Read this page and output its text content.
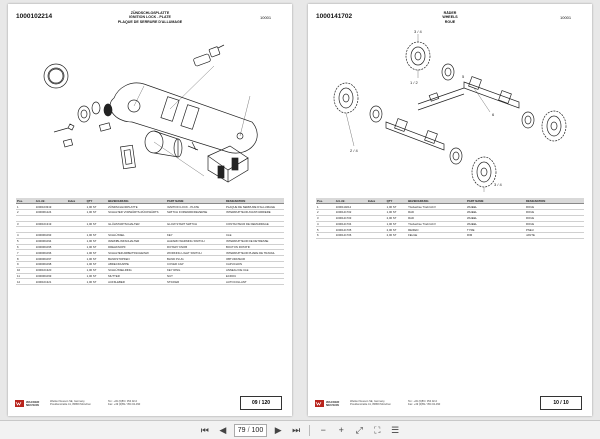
1000102214	ZÜNDSCHLOßPLATTE
IGNITION LOCK - PLATE
PLAQUE DE SERRURE D'ALLUMAGE
10001
Pos.	Art.-Nr.	Index	QTY	BEZEICHNUNG	PART NAME	DESIGNATION
1	1000103319		1,00 ST	ZÜNDSCHLOßPLATTE	IGNITION LOCK - PLATE	PLAQUE DE SERRURE D'ALLUMAGE
2	1000061224		1,00 ST	SCHALTER VORWÄRTS-RÜCKWÄRTS	SWITCH FORWARD/REVERSE	INTERRUPTEUR AVANT/ARRIERE

3	1000101319		1,00 ST	GLÜHSTARTSCHALTER	GLOW START SWITCH	CONTACTEUR DE DEMARRAGE

4	1000061093		1,00 ST	SCHLÜSSEL	KEY	CLE
5	1000061094		1,00 ST	WARNBLINKSCHALTER	HAZARD WARNING SWITCH	INTERRUPTEUR DE DETRESSE
6	1000061095		1,00 ST	DREHKNOPF	ROTARY KNOB	BOUTON ROTATIF
7	1000061096		1,00 ST	SCHALTER ARBEITSSCHEINW.	WORKING LIGHT SWITCH	INTERRUPTEUR PHARE DE TRAVAIL
8	1000061097		1,00 ST	BLINDSTOPFEN	BLIND PLUG	OBTURATEUR
9	1000061098		1,00 ST	ABDECKKAPPE	COVER CAP	CAPUCHON
10	1000101320		1,00 ST	SCHLÜSSELRING	KEY RING	ANNEAU DE CLE
11	1000061099		1,00 ST	MUTTER	NUT	ECROU
12	1000101321		1,00 ST	AUFKLEBER	STICKER	AUTOCOLLANT
WACKER
NEUSON
Wacker Neuson SE, Germany
Preußenstraße 41, 80809 München
Tel.: +49 (0)89 / 354 02-0
Fax: +49 (0)89 / 354 02-390	09 / 120
1000141702	RÄDER
WHEELS
ROUE
10001
3 / 4
1 / 2
5
6
2 / 4
3 / 4
Pos.	Art.-Nr.	Index	QTY	BEZEICHNUNG	PART NAME	DESIGNATION
1	1000110214		1,00 ST	Triebachse Triebl ACV	WHEEL	ROUE
2	1000141702		1,00 ST	RAD	WHEEL	ROUE
3	1000141703		2,00 ST	RAD	WHEEL	ROUE
4	1000141704		1,00 ST	Triebachse Triebl ACV	WHEEL	ROUE
5	1000141705		2,00 ST	REIFEN	TYRE	PNEU
6	1000141706		2,00 ST	FELGE	RIM	JANTE
WACKER
NEUSON
Wacker Neuson SE, Germany
Preußenstraße 41, 80809 München
Tel.: +49 (0)89 / 354 02-0
Fax: +49 (0)89 / 354 02-390	10 / 10
⏮ ◀	79 / 100 ▶ ⏭	−	+	⤢	⛶	☰
